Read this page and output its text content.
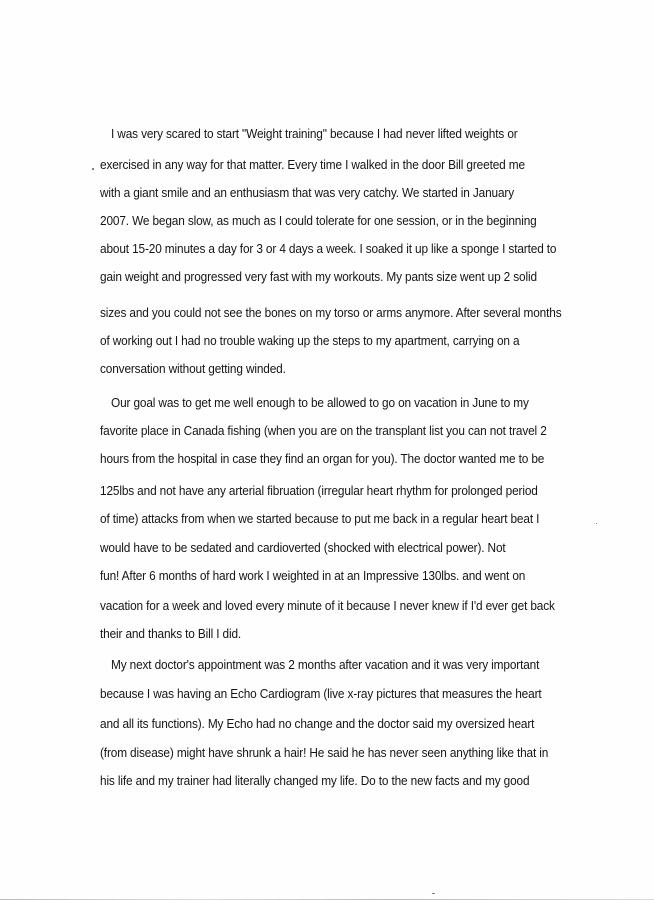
I was very scared to start "Weight training" because I had never lifted weights or
exercised in any way for that matter. Every time I walked in the door Bill greeted me
with a giant smile and an enthusiasm that was very catchy. We started in January
2007. We began slow, as much as I could tolerate for one session, or in the beginning
about 15-20 minutes a day for 3 or 4 days a week. I soaked it up like a sponge I started to
gain weight and progressed very fast with my workouts. My pants size went up 2 solid
sizes and you could not see the bones on my torso or arms anymore. After several months
of working out I had no trouble waking up the steps to my apartment, carrying on a
conversation without getting winded.
Our goal was to get me well enough to be allowed to go on vacation in June to my
favorite place in Canada fishing (when you are on the transplant list you can not travel 2
hours from the hospital in case they find an organ for you). The doctor wanted me to be
125lbs and not have any arterial fibruation (irregular heart rhythm for prolonged period
of time) attacks from when we started because to put me back in a regular heart beat I
would have to be sedated and cardioverted (shocked with electrical power). Not
fun! After 6 months of hard work I weighted in at an Impressive 130lbs. and went on
vacation for a week and loved every minute of it because I never knew if I'd ever get back
their and thanks to Bill I did.
My next doctor's appointment was 2 months after vacation and it was very important
because I was having an Echo Cardiogram (live x-ray pictures that measures the heart
and all its functions). My Echo had no change and the doctor said my oversized heart
(from disease) might have shrunk a hair! He said he has never seen anything like that in
his life and my trainer had literally changed my life. Do to the new facts and my good
